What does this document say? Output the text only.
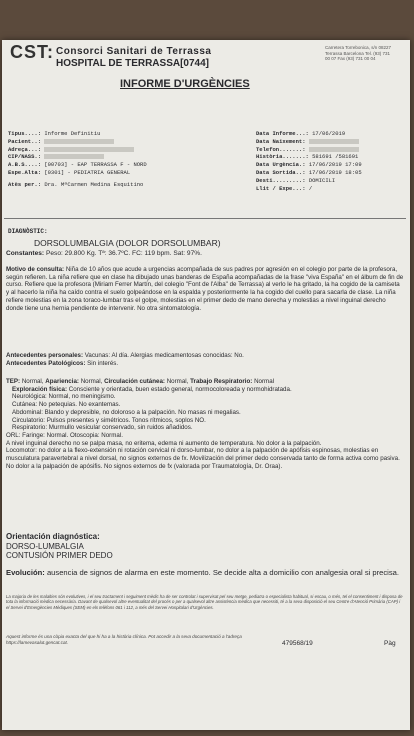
CST: Consorci Sanitari de Terrassa
HOSPITAL DE TERRASSA[0744]
Carretera Torrebonica, s/n 08227 Terrassa Barcelona Tel. (93) 731 00 07 Fax (93) 731 00 04
INFORME D'URGÈNCIES
Tipus....: Informe Definitiu
Pacient..:
Adreça...:
CIP/NASS.:
A.B.S....: [00703] - EAP TERRASSA F - NORD
Espe.Alta: [0301] - PEDIATRIA GENERAL
Atès per.: Dra. MªCarmen Medina Esquitino
Data Informe...: 17/06/2019
Data Naixement:
Telefon.......:
Història.......: 581691 /581691
Data Urgència.: 17/06/2019 17:09
Data Sortida..: 17/06/2019 18:05
Desti.........: DOMICILI
Llit / Expe...: /
DIAGNÒSTIC:
DORSOLUMBALGIA (DOLOR DORSOLUMBAR)
Constantes: Peso: 29.800 Kg. Tª: 36.7ºC. FC: 119 bpm. Sat: 97%.
Motivo de consulta: Niña de 10 años que acude a urgencias acompañada de sus padres por agresión en el colegio por parte de la profesora, según refieren. La niña refiere que en clase ha dibujado unas banderas de España acompañadas de la frase "viva España" en el álbum de fin de curso. Refiere que la profesora (Miriam Ferrer Martín, del colegio "Font de l'Alba" de Terrassa) al verlo le ha gritado, la ha cogido de la camiseta y al hacerlo la niña ha caído contra el suelo golpeándose en la espalda y posteriormente la ha cogido del cuello para sacarla de clase. La niña refiere molestias en la zona toraco-lumbar tras el golpe, molestias en el primer dedo de mano derecha y molestias a nivel inguinal derecho donde tiene una hernia pendiente de intervenir. No otra sintomatología.
Antecedentes personales: Vacunas: Al día. Alergias medicamentosas conocidas: No.
Antecedentes Patológicos: Sin interés.
TEP: Normal, Apariencia: Normal, Circulación cutánea: Normal, Trabajo Respiratorio: Normal
Exploración física: Consciente y orientada, buen estado general, normocoloreada y normohidratada.
Neurológica: Normal, no meningismo.
Cutánea: No petequias. No exantemas.
Abdominal: Blando y depresible, no doloroso a la palpación. No masas ni megalias.
Circulatorio: Pulsos presentes y simétricos. Tonos rítmicos, soplos NO.
Respiratorio: Murmullo vesicular conservado, sin ruidos añadidos.
ORL: Faringe: Normal. Otoscopia: Normal.
A nivel inguinal derecho no se palpa masa, no eritema, edema ni aumento de temperatura. No dolor a la palpación.
Locomotor: no dolor a la flexo-extensión ni rotación cervical ni dorso-lumbar, no dolor a la palpación de apófisis espinosas, molestias en musculatura paravertebral a nivel dorsal, no signos externos de fx. Movilización del primer dedo conservada tanto de forma activa como pasiva. No dolor a la palpación de apósifis. No signos externos de fx (valorada por Traumatología, Dr. Oraa).
Orientación diagnóstica:
DORSO-LUMBALGIA
CONTUSIÓN PRIMER DEDO
Evolución: ausencia de signos de alarma en este momento. Se decide alta a domicilio con analgesia oral si precisa.
La majoria de les malalties són evolutives, i el seu tractament i seguiment mèdic ha de ser controlat i supervisat pel seu metge, pediatra o especialista habitual, si escau, o més, tel el consentiment i disposa de tota la informació mèdica necessària. Davant de qualsevol altre eventualitat del procés o per a qualsevol altre assistència mèdica que necessiti, té a la seva disposició el seu Centre d'Atenció Primària (CAP) i el Servei d'Emergències Mèdiques (SEM) en els telèfons 061 i 112, a més del Servei Hospitalari d'Urgències.
Aquest informe és una còpia exacta del que hi ha a la història clínica. Pot accedir a la seva documentació a l'adreça https://lamevasalut.gencat.cat.	479568/19	Pàg
